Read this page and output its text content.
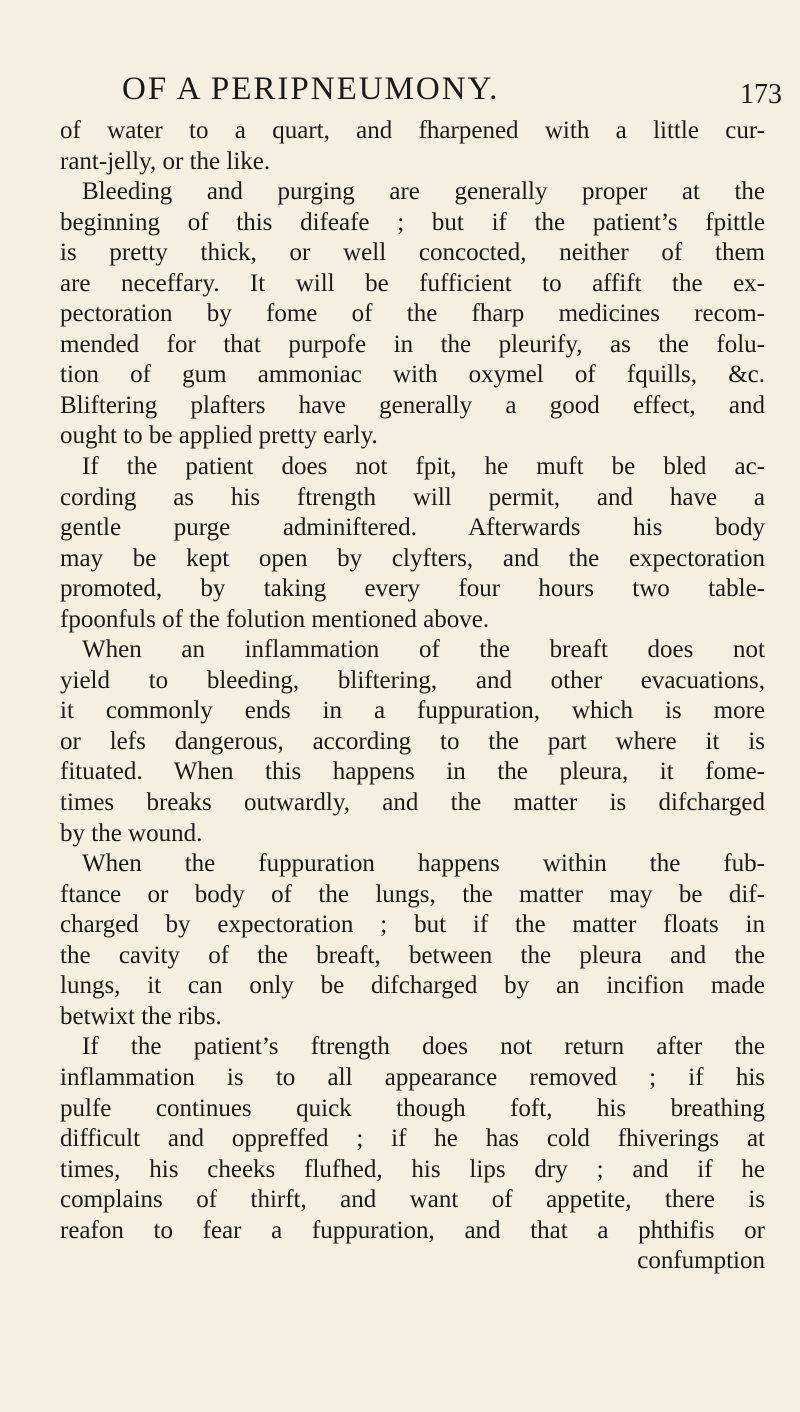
OF A PERIPNEUMONY.	173
of water to a quart, and fharpened with a little cur-
rant-jelly, or the like.
Bleeding and purging are generally proper at the
beginning of this difeafe ; but if the patient’s fpittle
is pretty thick, or well concocted, neither of them
are neceffary. It will be fufficient to affift the ex-
pectoration by fome of the fharp medicines recom-
mended for that purpofe in the pleurify, as the folu-
tion of gum ammoniac with oxymel of fquills, &c.
Bliftering plafters have generally a good effect, and
ought to be applied pretty early.
If the patient does not fpit, he muft be bled ac-
cording as his ftrength will permit, and have a
gentle purge adminiftered. Afterwards his body
may be kept open by clyfters, and the expectoration
promoted, by taking every four hours two table-
fpoonfuls of the folution mentioned above.
When an inflammation of the breaft does not
yield to bleeding, bliftering, and other evacuations,
it commonly ends in a fuppuration, which is more
or lefs dangerous, according to the part where it is
fituated. When this happens in the pleura, it fome-
times breaks outwardly, and the matter is difcharged
by the wound.
When the fuppuration happens within the fub-
ftance or body of the lungs, the matter may be dif-
charged by expectoration ; but if the matter floats in
the cavity of the breaft, between the pleura and the
lungs, it can only be difcharged by an incifion made
betwixt the ribs.
If the patient’s ftrength does not return after the
inflammation is to all appearance removed ; if his
pulfe continues quick though foft, his breathing
difficult and oppreffed ; if he has cold fhiverings at
times, his cheeks flufhed, his lips dry ; and if he
complains of thirft, and want of appetite, there is
reafon to fear a fuppuration, and that a phthifis or
confumption
